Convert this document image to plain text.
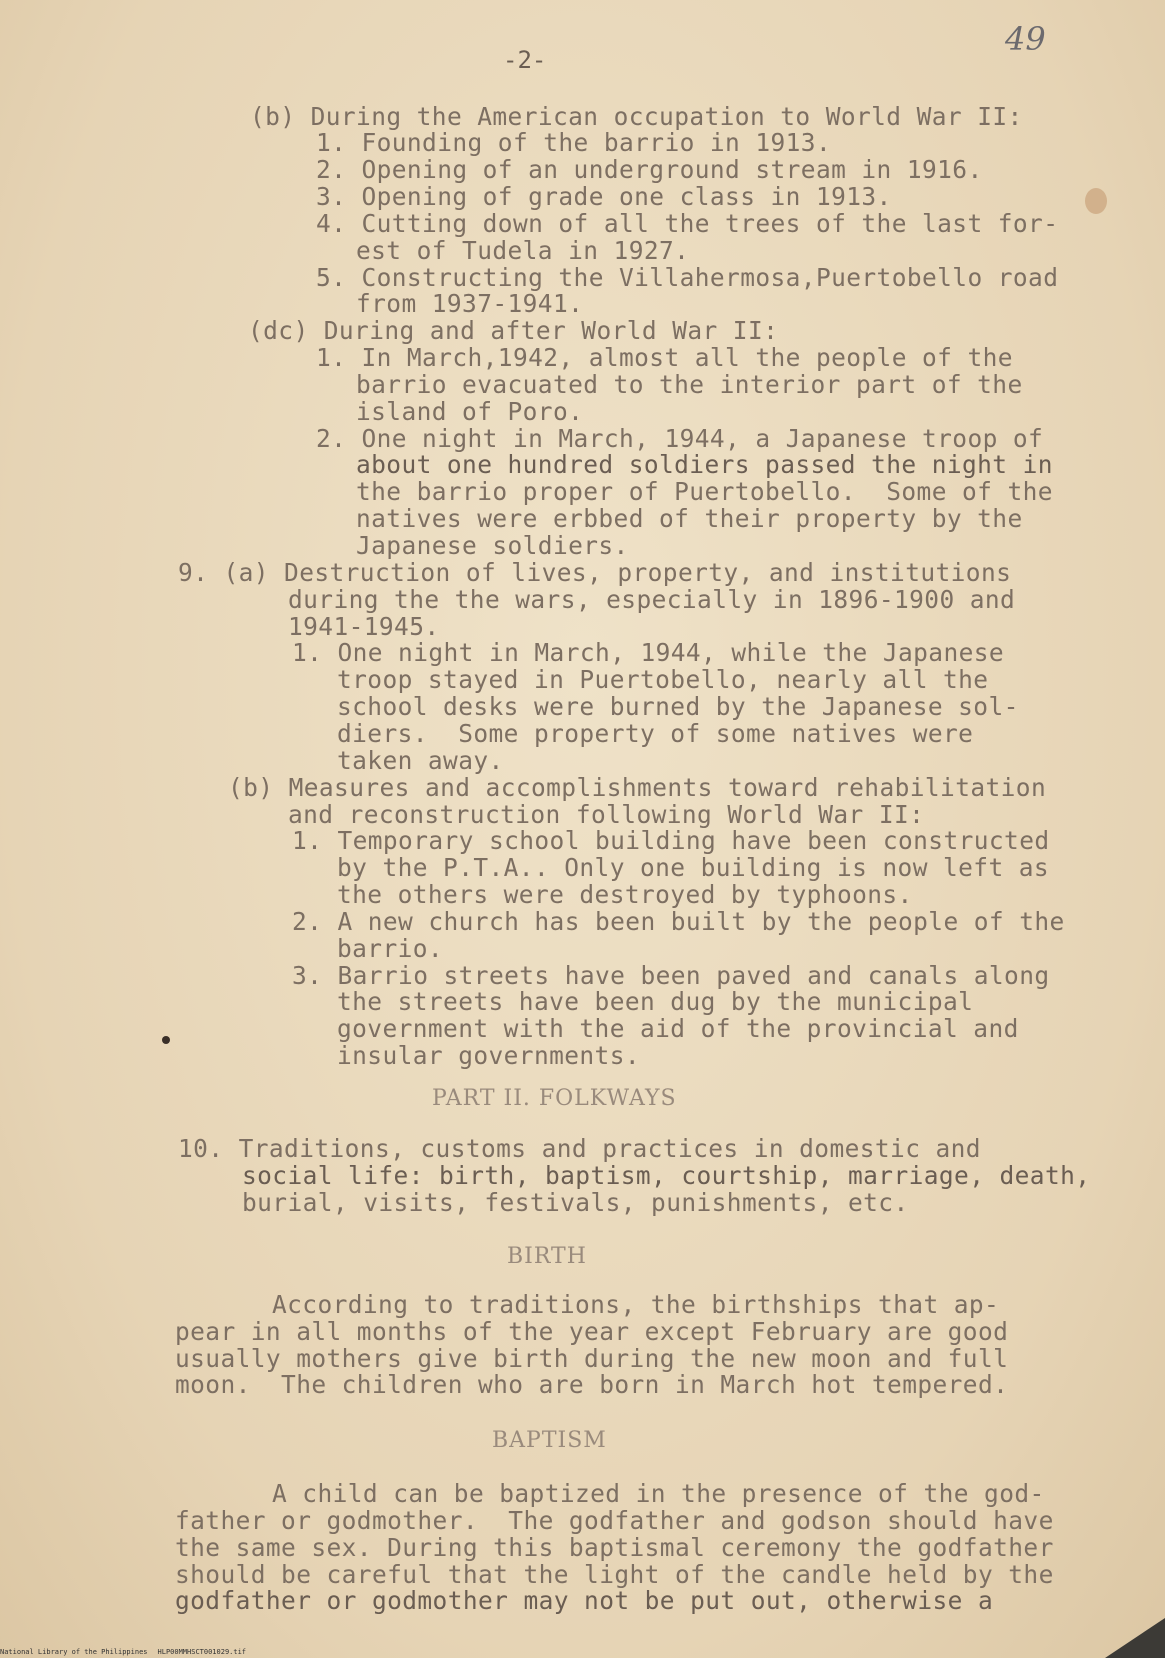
-2-
49
(b) During the American occupation to World War II:
1. Founding of the barrio in 1913.
2. Opening of an underground stream in 1916.
3. Opening of grade one class in 1913.
4. Cutting down of all the trees of the last for-
est of Tudela in 1927.
5. Constructing the Villahermosa,Puertobello road
from 1937-1941.
(dc) During and after World War II:
1. In March,1942, almost all the people of the
barrio evacuated to the interior part of the
island of Poro.
2. One night in March, 1944, a Japanese troop of
about one hundred soldiers passed the night in
the barrio proper of Puertobello.  Some of the
natives were erbbed of their property by the
Japanese soldiers.
9. (a) Destruction of lives, property, and institutions
during the the wars, especially in 1896-1900 and
1941-1945.
1. One night in March, 1944, while the Japanese
troop stayed in Puertobello, nearly all the
school desks were burned by the Japanese sol-
diers.  Some property of some natives were
taken away.
(b) Measures and accomplishments toward rehabilitation
and reconstruction following World War II:
1. Temporary school building have been constructed
by the P.T.A.. Only one building is now left as
the others were destroyed by typhoons.
2. A new church has been built by the people of the
barrio.
3. Barrio streets have been paved and canals along
the streets have been dug by the municipal
government with the aid of the provincial and
insular governments.
PART II. FOLKWAYS
10. Traditions, customs and practices in domestic and
social life: birth, baptism, courtship, marriage, death,
burial, visits, festivals, punishments, etc.
BIRTH
According to traditions, the birthships that ap-
pear in all months of the year except February are good
usually mothers give birth during the new moon and full
moon.  The children who are born in March hot tempered.
BAPTISM
A child can be baptized in the presence of the god-
father or godmother.  The godfather and godson should have
the same sex. During this baptismal ceremony the godfather
should be careful that the light of the candle held by the
godfather or godmother may not be put out, otherwise a
National Library of the Philippines HLP00MMHSCT001029.tif
